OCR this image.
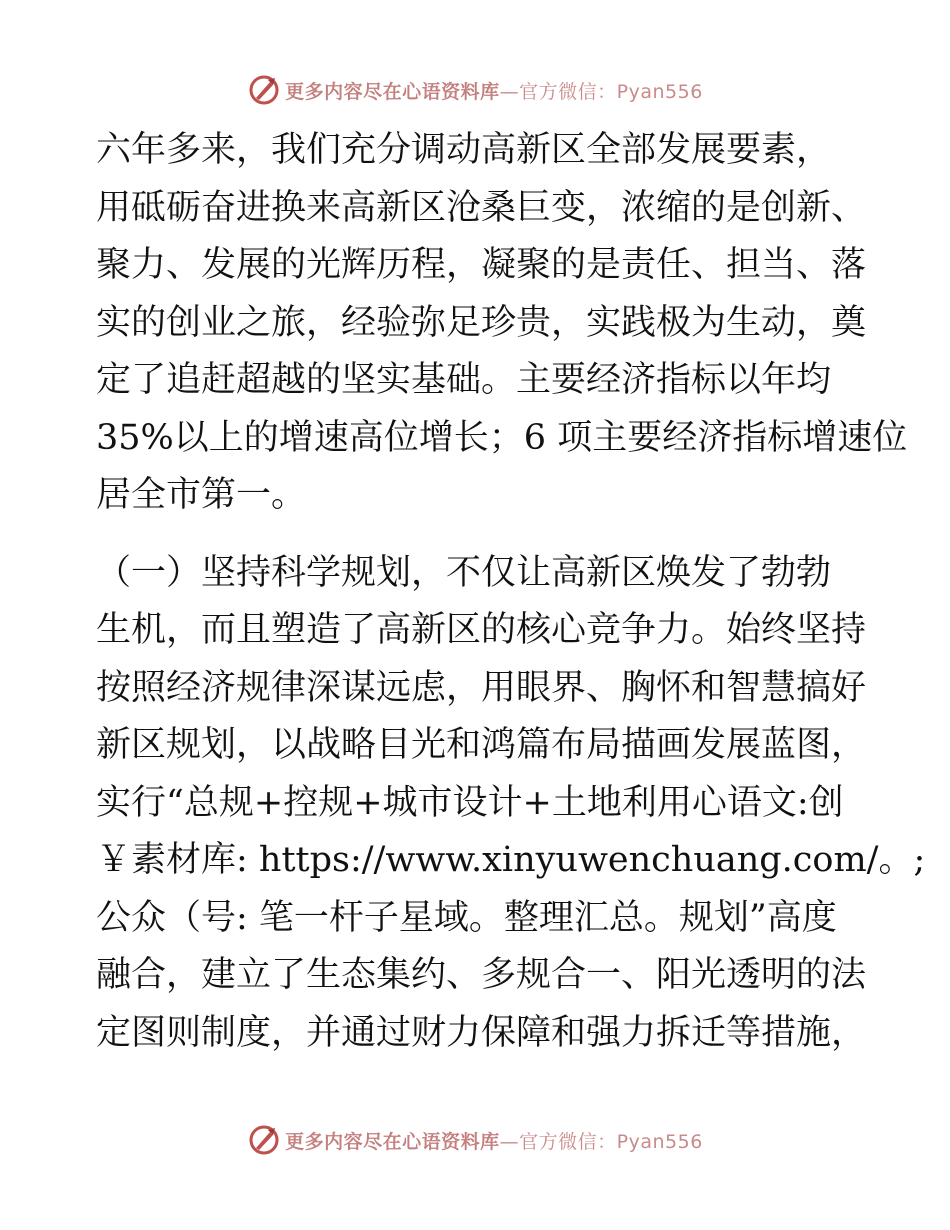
更多内容尽在心语资料库—官方微信：Pyan556
六年多来，我们充分调动高新区全部发展要素，
用砥砺奋进换来高新区沧桑巨变，浓缩的是创新、
聚力、发展的光辉历程，凝聚的是责任、担当、落
实的创业之旅，经验弥足珍贵，实践极为生动，奠
定了追赶超越的坚实基础。主要经济指标以年均
35%以上的增速高位增长；6 项主要经济指标增速位
居全市第一。
（一）坚持科学规划，不仅让高新区焕发了勃勃
生机，而且塑造了高新区的核心竞争力。始终坚持
按照经济规律深谋远虑，用眼界、胸怀和智慧搞好
新区规划，以战略目光和鸿篇布局描画发展蓝图，
实行“总规+控规+城市设计+土地利用心语文:创
￥素材库: https://www.xinyuwenchuang.com/。;
公众（号: 笔一杆子星域。整理汇总。规划”高度
融合，建立了生态集约、多规合一、阳光透明的法
定图则制度，并通过财力保障和强力拆迁等措施，
更多内容尽在心语资料库—官方微信：Pyan556
